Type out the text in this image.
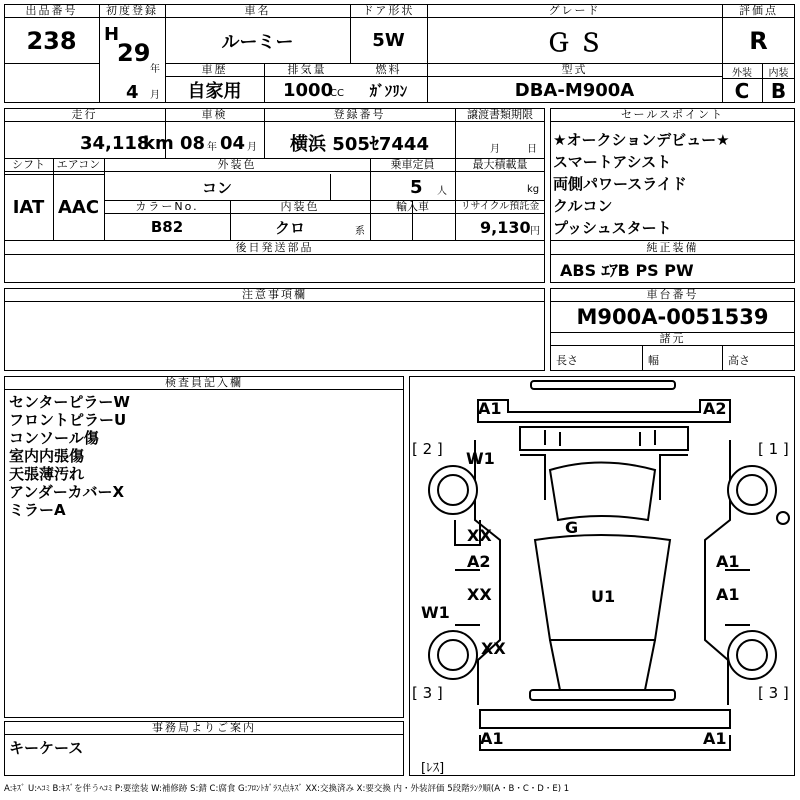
出品番号
238
初度登録
H
29
年
4 月
車名
ルーミー
ドア形状
5W
グレード
Ｇ Ｓ
評価点
R
車歴
自家用
排気量
1000
CC
燃料
ｶﾞｿﾘﾝ
型式
DBA-M900A
外装	内装
C	B
走行
34,118
km
車検
08 年 04 月
登録番号
横浜 505ｾ7444
譲渡書類期限
月	日
セールスポイント
★オークションデビュー★
スマートアシスト
両側パワースライド
クルコン
プッシュスタート
純正装備
ABS ｴｱB PS PW
シフト
IAT
エアコン
AAC
外装色
コン
乗車定員
5 人
最大積載量
kg
カラーNo.
B82
内装色
クロ	系
輸入車	リサイクル預託金
9,130 円
後日発送部品
注意事項欄	車台番号
M900A-0051539
諸元
長さ	幅	高さ
検査員記入欄
センターピラーW
フロントピラーU
コンソール傷
室内内張傷
天張薄汚れ
アンダーカバーX
ミラーA
事務局よりご案内
キーケース
A1	A2
W1
G
XX
A2	A1
XX	U1	A1
W1
XX
A1	A1
[ 2 ]	[ 1 ]
[ 3 ]	[ 3 ]
[ﾚｽ]
A:ｷｽﾞ U:ﾍｺﾐ B:ｷｽﾞを伴うﾍｺﾐ P:要塗装 W:補修跡 S:錆 C:腐食 G:ﾌﾛﾝﾄｶﾞﾗｽ点ｷｽﾞ XX:交換済み X:要交換 内・外装評価 5段階ﾗﾝｸ順(A・B・C・D・E) 1
